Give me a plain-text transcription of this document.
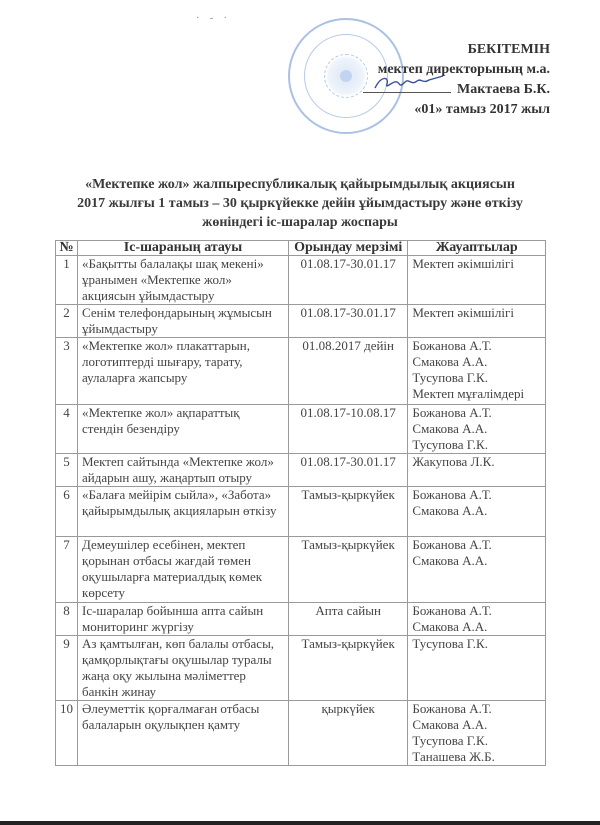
· - ·
БЕКІТЕМІН
мектеп директорының м.а.
Мактаева Б.К.
«01» тамыз 2017 жыл
«Мектепке жол» жалпыреспубликалық қайырымдылық акциясын
2017 жылғы 1 тамыз – 30 қыркүйекке дейін ұйымдастыру және өткізу
жөніндегі іс-шаралар жоспары
№	Іс-шараның атауы	Орындау мерзімі	Жауаптылар
1	«Бақытты балалақы шақ мекені» ұранымен «Мектепке жол» акциясын ұйымдастыру	01.08.17-30.01.17	Мектеп әкімшілігі

2	Сенім телефондарының жұмысын ұйымдастыру	01.08.17-30.01.17	Мектеп әкімшілігі

3	«Мектепке жол» плакаттарын, логотиптерді шығару, тарату, аулаларға жапсыру	01.08.2017 дейін	Божанова А.Т.
Смакова А.А.
Тусупова Г.К.
Мектеп мұғалімдері

4	«Мектепке жол» ақпараттық стендін безендіру	01.08.17-10.08.17	Божанова А.Т.
Смакова А.А.
Тусупова Г.К.

5	Мектеп сайтында «Мектепке жол» айдарын ашу, жаңартып отыру	01.08.17-30.01.17	Жакупова Л.К.

6	«Балаға мейірім сыйла», «Забота» қайырымдылық акцияларын өткізу	Тамыз-қыркүйек	Божанова А.Т.
Смакова А.А.

7	Демеушілер есебінен, мектеп қорынан отбасы жағдай төмен оқушыларға материалдық көмек көрсету	Тамыз-қыркүйек	Божанова А.Т.
Смакова А.А.

8	Іс-шаралар бойынша апта сайын мониторинг жүргізу	Апта сайын	Божанова А.Т.
Смакова А.А.

9	Аз қамтылған, көп балалы отбасы, қамқорлықтағы оқушылар туралы жаңа оқу жылына мәліметтер банкін жинау	Тамыз-қыркүйек	Тусупова Г.К.

10	Әлеуметтік қорғалмаған отбасы балаларын оқулықпен қамту	қыркүйек	Божанова А.Т.
Смакова А.А.
Тусупова Г.К.
Танашева Ж.Б.
